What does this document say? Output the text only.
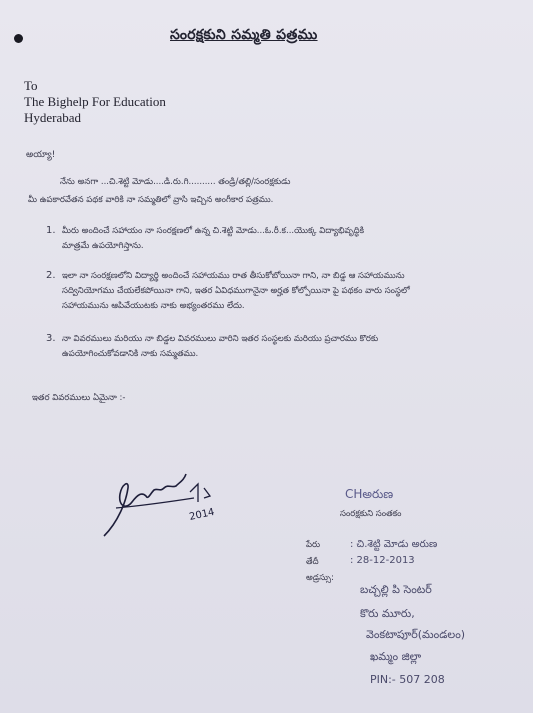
సంరక్షకుని సమ్మతి పత్రము
To
The Bighelp For Education
Hyderabad
అయ్యా!
నేను అనగా ...చి.శెట్టి మోడు....డి.రు.గి.......... తండ్రి/తల్లి/సంరక్షకుడు
మీ ఉపకారవేతన పథక వారికి నా సమ్మతిలో వ్రాసి ఇచ్చిన అంగీకార పత్రము.
1. మీరు అందించే సహాయం నా సంరక్షణలో ఉన్న చి.శెట్టి మోడు...ఓ.రీ.క...యొక్క విద్యాభివృద్ధికి
మాత్రమే ఉపయోగిస్తాను.
2. ఇలా నా సంరక్షణలోని విద్యార్థి అందించే సహాయము రాత తీసుకోబోయినా గాని, నా బిడ్డ ఆ సహాయమును
సద్వినియోగము చేయలేకపోయినా గాని, ఇతర ఏవిధముగానైనా అర్హత కోల్పోయినా పై పథకం వారు సంస్థలో
సహాయమును ఆపివేయుటకు నాకు అభ్యంతరము లేదు.
3. నా వివరములు మరియు నా బిడ్డల వివరములు వారిని ఇతర సంస్థలకు మరియు ప్రచారము కొరకు
ఉపయోగించుకోవడానికి నాకు సమ్మతము.
ఇతర వివరములు ఏమైనా :-
2014
CHఅరుణ
సంరక్షకుని సంతకం
పేరు	: చి.శెట్టి మోడు అరుణ
తేదీ	: 28-12-2013
అడ్రస్సు:
బచ్చల్లి పి సెంటర్
కొరు మూరు,
వెంకటాపూర్(మండలం)
ఖమ్మం జిల్లా
PIN:- 507 208
